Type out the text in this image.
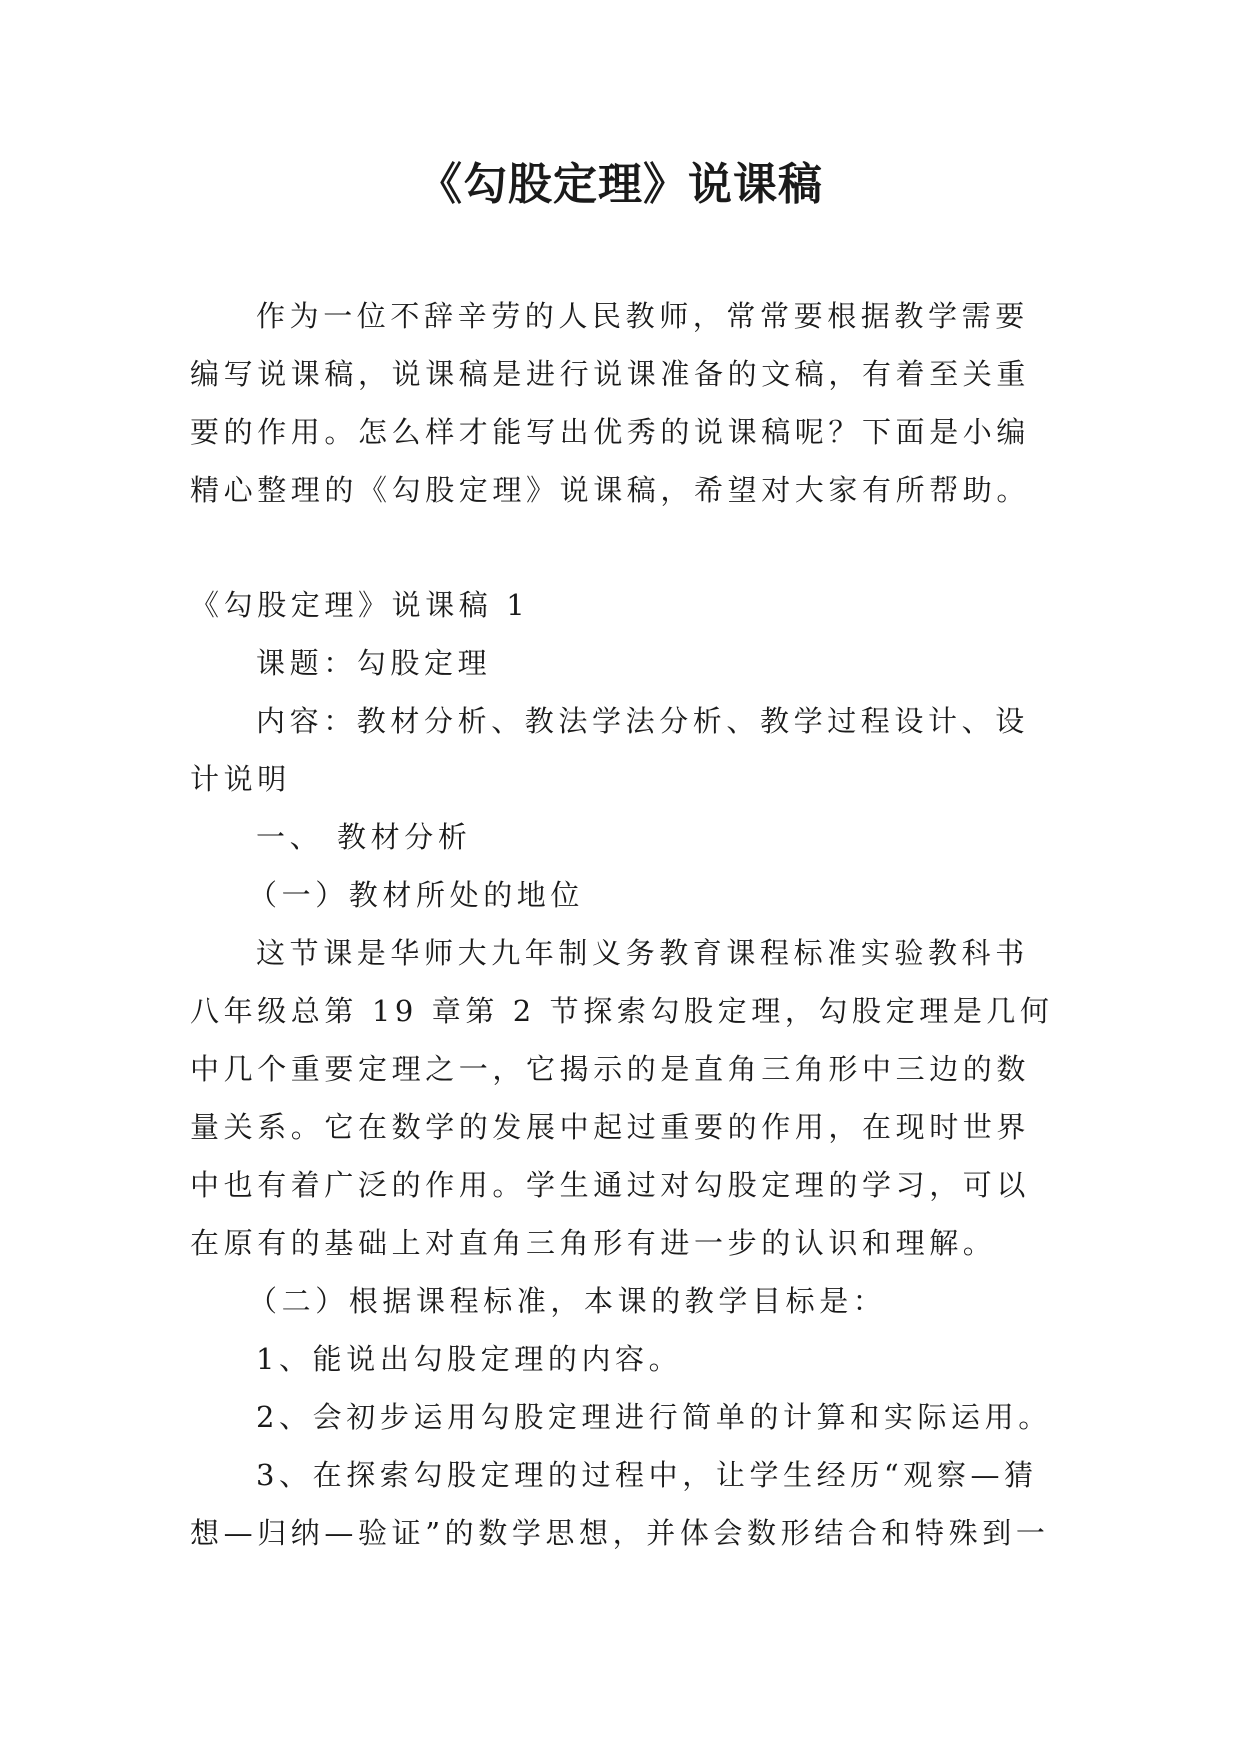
《勾股定理》说课稿

作为一位不辞辛劳的人民教师，常常要根据教学需要编写说课稿，说课稿是进行说课准备的文稿，有着至关重要的作用。怎么样才能写出优秀的说课稿呢？下面是小编精心整理的《勾股定理》说课稿，希望对大家有所帮助。

《勾股定理》说课稿 1

课题：勾股定理

内容：教材分析、教法学法分析、教学过程设计、设计说明

一、 教材分析

（一）教材所处的地位

这节课是华师大九年制义务教育课程标准实验教科书八年级总第 19 章第 2 节探索勾股定理，勾股定理是几何中几个重要定理之一，它揭示的是直角三角形中三边的数量关系。它在数学的发展中起过重要的作用，在现时世界中也有着广泛的作用。学生通过对勾股定理的学习，可以在原有的基础上对直角三角形有进一步的认识和理解。

（二）根据课程标准，本课的教学目标是：

1、能说出勾股定理的内容。

2、会初步运用勾股定理进行简单的计算和实际运用。

3、在探索勾股定理的过程中，让学生经历“观察—猜想—归纳—验证”的数学思想，并体会数形结合和特殊到一
